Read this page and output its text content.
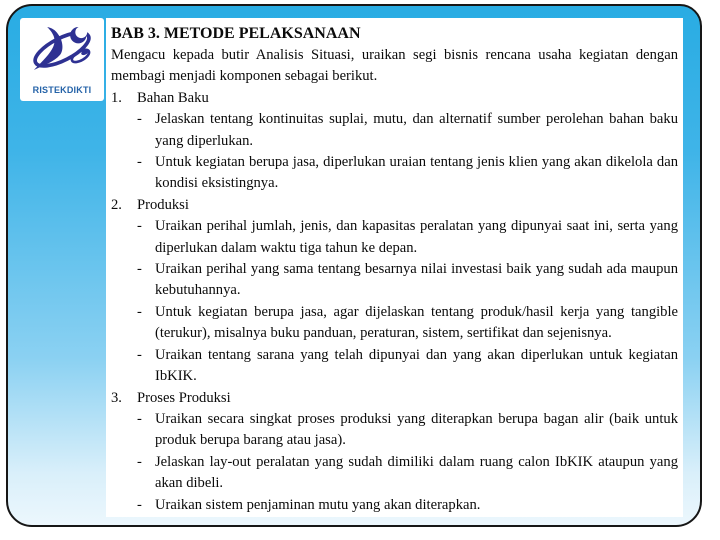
RISTEKDIKTI
BAB 3. METODE PELAKSANAAN
Mengacu kepada butir Analisis Situasi, uraikan segi bisnis rencana usaha kegiatan dengan membagi menjadi komponen sebagai berikut.
1.	Bahan Baku
- Jelaskan tentang kontinuitas suplai, mutu, dan alternatif sumber perolehan bahan baku yang diperlukan.
- Untuk kegiatan berupa jasa, diperlukan uraian tentang jenis klien yang akan dikelola dan kondisi eksistingnya.
2.	Produksi
- Uraikan perihal jumlah, jenis, dan kapasitas peralatan yang dipunyai saat ini, serta yang diperlukan dalam waktu tiga tahun ke depan.
- Uraikan perihal yang sama tentang besarnya nilai investasi baik yang sudah ada maupun kebutuhannya.
- Untuk kegiatan berupa jasa, agar dijelaskan tentang produk/hasil kerja yang tangible (terukur), misalnya buku panduan, peraturan, sistem, sertifikat dan sejenisnya.
- Uraikan tentang sarana yang telah dipunyai dan yang akan diperlukan untuk kegiatan IbKIK.
3.	Proses Produksi
- Uraikan secara singkat proses produksi yang diterapkan berupa bagan alir (baik untuk produk berupa barang atau jasa).
- Jelaskan lay-out peralatan yang sudah dimiliki dalam ruang calon IbKIK ataupun yang akan dibeli.
- Uraikan sistem penjaminan mutu yang akan diterapkan.
